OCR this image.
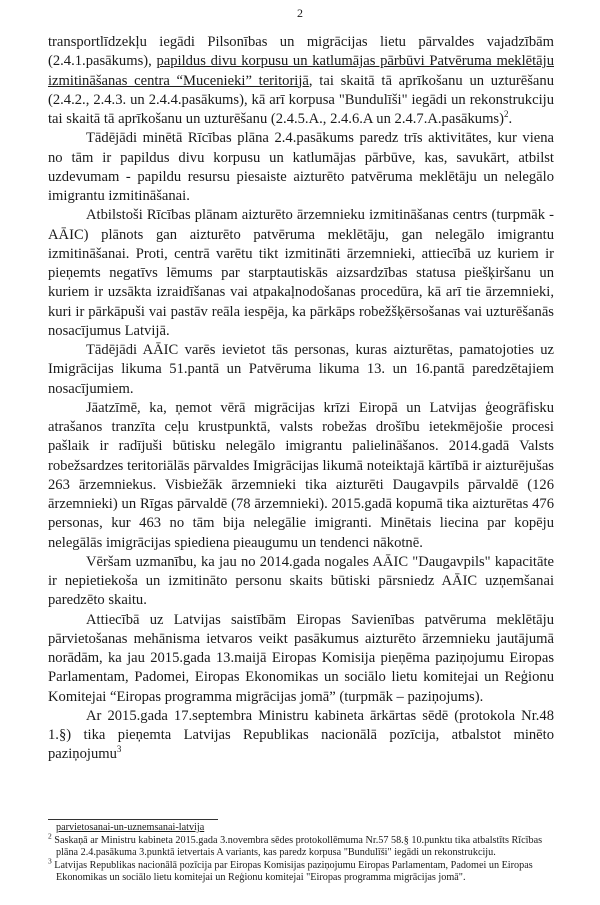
2

transportlīdzekļu iegādi Pilsonības un migrācijas lietu pārvaldes vajadzībām (2.4.1.pasākums), papildus divu korpusu un katlumājas pārbūvi Patvēruma meklētāju izmitināšanas centra “Mucenieki” teritorijā, tai skaitā tā aprīkošanu un uzturēšanu (2.4.2., 2.4.3. un 2.4.4.pasākums), kā arī korpusa "Bundulīši" iegādi un rekonstrukciju tai skaitā tā aprīkošanu un uzturēšanu (2.4.5.A., 2.4.6.A un 2.4.7.A.pasākums)$^2$.

Tādējādi minētā Rīcības plāna 2.4.pasākums paredz trīs aktivitātes, kur viena no tām ir papildus divu korpusu un katlumājas pārbūve, kas, savukārt, atbilst uzdevumam - papildu resursu piesaiste aizturēto patvēruma meklētāju un nelegālo imigrantu izmitināšanai.

Atbilstoši Rīcības plānam aizturēto ārzemnieku izmitināšanas centrs (turpmāk - AĀIC) plānots gan aizturēto patvēruma meklētāju, gan nelegālo imigrantu izmitināšanai. Proti, centrā varētu tikt izmitināti ārzemnieki, attiecībā uz kuriem ir pieņemts negatīvs lēmums par starptautiskās aizsardzības statusa piešķiršanu un kuriem ir uzsākta izraidīšanas vai atpakaļnodošanas procedūra, kā arī tie ārzemnieki, kuri ir pārkāpuši vai pastāv reāla iespēja, ka pārkāps robežšķērsošanas vai uzturēšanās nosacījumus Latvijā.

Tādējādi AĀIC varēs ievietot tās personas, kuras aizturētas, pamatojoties uz Imigrācijas likuma 51.pantā un Patvēruma likuma 13. un 16.pantā paredzētajiem nosacījumiem.

Jāatzīmē, ka, ņemot vērā migrācijas krīzi Eiropā un Latvijas ģeogrāfisku atrašanos tranzīta ceļu krustpunktā, valsts robežas drošību ietekmējošie procesi pašlaik ir radījuši būtisku nelegālo imigrantu palielināšanos. 2014.gadā Valsts robežsardzes teritoriālās pārvaldes Imigrācijas likumā noteiktajā kārtībā ir aizturējušas 263 ārzemniekus. Visbiežāk ārzemnieki tika aizturēti Daugavpils pārvaldē (126 ārzemnieki) un Rīgas pārvaldē (78 ārzemnieki). 2015.gadā kopumā tika aizturētas 476 personas, kur 463 no tām bija nelegālie imigranti. Minētais liecina par kopēju nelegālās imigrācijas spiediena pieaugumu un tendenci nākotnē.

Vēršam uzmanību, ka jau no 2014.gada nogales AĀIC "Daugavpils" kapacitāte ir nepietiekoša un izmitināto personu skaits būtiski pārsniedz AĀIC uzņemšanai paredzēto skaitu.

Attiecībā uz Latvijas saistībām Eiropas Savienības patvēruma meklētāju pārvietošanas mehānisma ietvaros veikt pasākumus aizturēto ārzemnieku jautājumā norādām, ka jau 2015.gada 13.maijā Eiropas Komisija pieņēma paziņojumu Eiropas Parlamentam, Padomei, Eiropas Ekonomikas un sociālo lietu komitejai un Reģionu Komitejai “Eiropas programma migrācijas jomā” (turpmāk – paziņojums).

Ar 2015.gada 17.septembra Ministru kabineta ārkārtas sēdē (protokola Nr.48 1.§) tika pieņemta Latvijas Republikas nacionālā pozīcija, atbalstot minēto paziņojumu$^3$

parvietosanai-un-uznemsanai-latvija

$^2$ Saskaņā ar Ministru kabineta 2015.gada 3.novembra sēdes protokollēmuma Nr.57 58.§ 10.punktu tika atbalstīts Rīcības plāna 2.4.pasākuma 3.punktā ietvertais A variants, kas paredz korpusa "Bundulīši" iegādi un rekonstrukciju.

$^3$ Latvijas Republikas nacionālā pozīcija par Eiropas Komisijas paziņojumu Eiropas Parlamentam, Padomei un Eiropas Ekonomikas un sociālo lietu komitejai un Reģionu komitejai "Eiropas programma migrācijas jomā".
